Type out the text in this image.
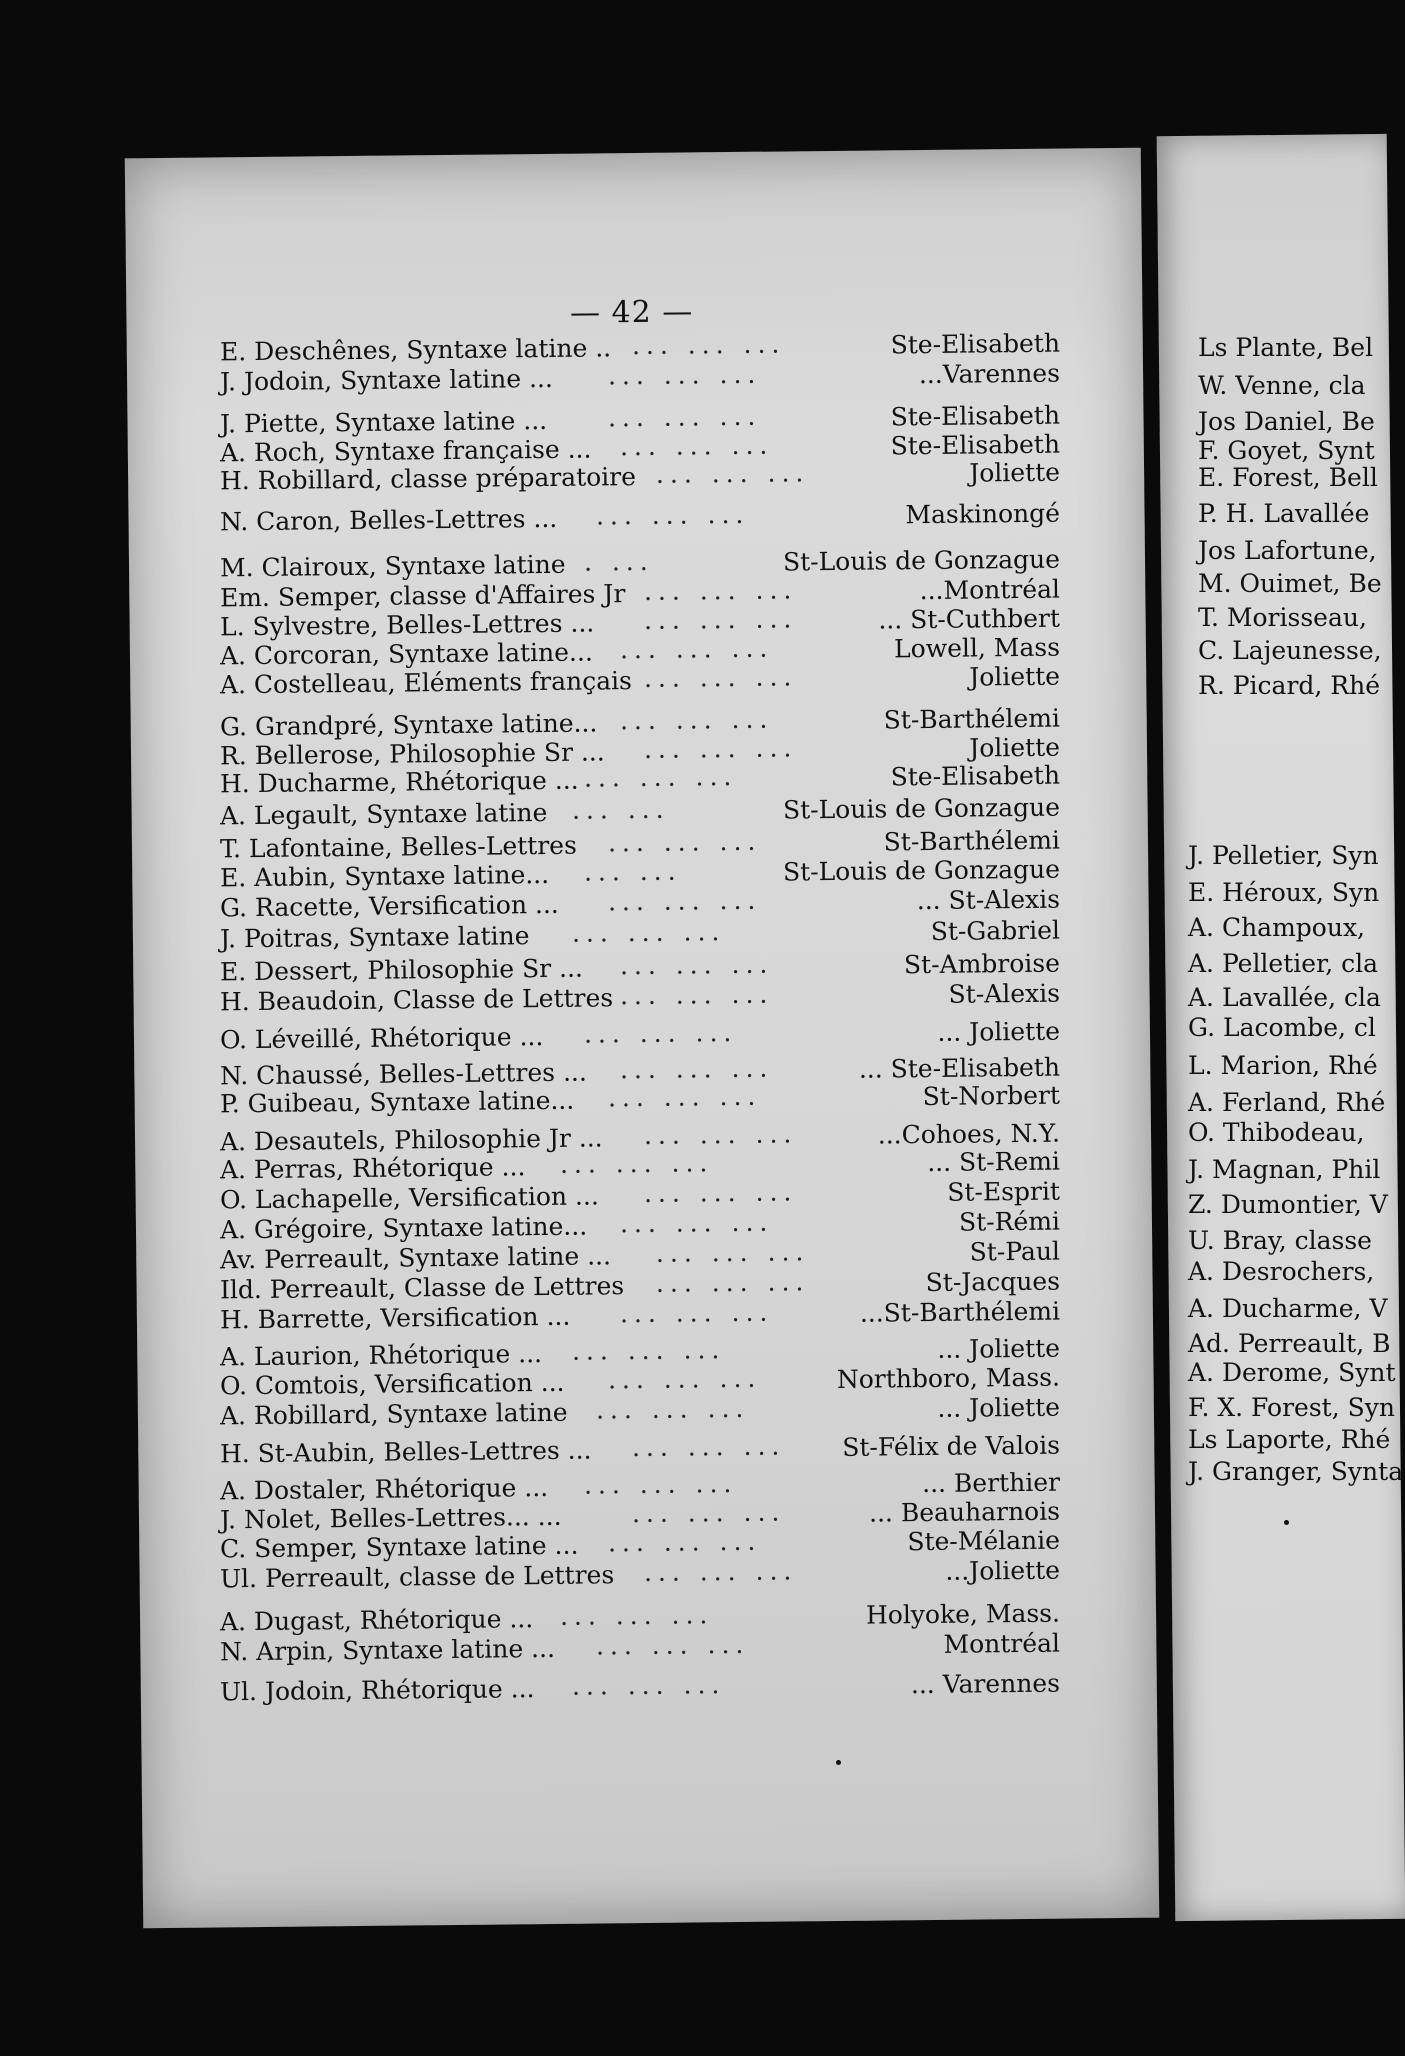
— 42 —
E. Deschênes, Syntaxe latine .. ... ... ...	Ste-Elisabeth
J. Jodoin, Syntaxe latine ... ... ... ...	...Varennes
J. Piette, Syntaxe latine ... ... ... ...	Ste-Elisabeth
A. Roch, Syntaxe française ... ... ... ...	Ste-Elisabeth
H. Robillard, classe préparatoire ... ... ...	Joliette
N. Caron, Belles-Lettres ... ... ... ...	Maskinongé
M. Clairoux, Syntaxe latine . ...	St-Louis de Gonzague
Em. Semper, classe d'Affaires Jr ... ... ...	...Montréal
L. Sylvestre, Belles-Lettres ... ... ... ...	... St-Cuthbert
A. Corcoran, Syntaxe latine... ... ... ...	Lowell, Mass
A. Costelleau, Eléments français ... ... ...	Joliette
G. Grandpré, Syntaxe latine... ... ... ...	St-Barthélemi
R. Bellerose, Philosophie Sr ... ... ... ...	Joliette
H. Ducharme, Rhétorique ... ... ... ...	Ste-Elisabeth
A. Legault, Syntaxe latine ... ...	St-Louis de Gonzague
T. Lafontaine, Belles-Lettres ... ... ...	St-Barthélemi
E. Aubin, Syntaxe latine... ... ...	St-Louis de Gonzague
G. Racette, Versification ... ... ... ...	... St-Alexis
J. Poitras, Syntaxe latine ... ... ...	St-Gabriel
E. Dessert, Philosophie Sr ... ... ... ...	St-Ambroise
H. Beaudoin, Classe de Lettres ... ... ...	St-Alexis
O. Léveillé, Rhétorique ... ... ... ...	... Joliette
N. Chaussé, Belles-Lettres ... ... ... ...	... Ste-Elisabeth
P. Guibeau, Syntaxe latine... ... ... ...	St-Norbert
A. Desautels, Philosophie Jr ... ... ... ...	...Cohoes, N.Y.
A. Perras, Rhétorique ... ... ... ...	... St-Remi
O. Lachapelle, Versification ... ... ... ...	St-Esprit
A. Grégoire, Syntaxe latine... ... ... ...	St-Rémi
Av. Perreault, Syntaxe latine ... ... ... ...	St-Paul
Ild. Perreault, Classe de Lettres ... ... ...	St-Jacques
H. Barrette, Versification ... ... ... ...	...St-Barthélemi
A. Laurion, Rhétorique ... ... ... ...	... Joliette
O. Comtois, Versification ... ... ... ...	Northboro, Mass.
A. Robillard, Syntaxe latine ... ... ...	... Joliette
H. St-Aubin, Belles-Lettres ... ... ... ...	St-Félix de Valois
A. Dostaler, Rhétorique ... ... ... ...	... Berthier
J. Nolet, Belles-Lettres... ...	... ... ...	... Beauharnois
C. Semper, Syntaxe latine ... ... ... ...	Ste-Mélanie
Ul. Perreault, classe de Lettres ... ... ...	...Joliette
A. Dugast, Rhétorique ... ... ... ...	Holyoke, Mass.
N. Arpin, Syntaxe latine ... ... ... ...	Montréal
Ul. Jodoin, Rhétorique ... ... ... ...	... Varennes
Ls Plante, Bel
W. Venne, cla
Jos Daniel, Be
F. Goyet, Synt
E. Forest, Bell
P. H. Lavallée
Jos Lafortune,
M. Ouimet, Be
T. Morisseau,
C. Lajeunesse,
R. Picard, Rhé
J. Pelletier, Syn
E. Héroux, Syn
A. Champoux,
A. Pelletier, cla
A. Lavallée, cla
G. Lacombe, cl
L. Marion, Rhé
A. Ferland, Rhé
O. Thibodeau,
J. Magnan, Phil
Z. Dumontier, V
U. Bray, classe
A. Desrochers,
A. Ducharme, V
Ad. Perreault, B
A. Derome, Synt
F. X. Forest, Syn
Ls Laporte, Rhé
J. Granger, Synta
